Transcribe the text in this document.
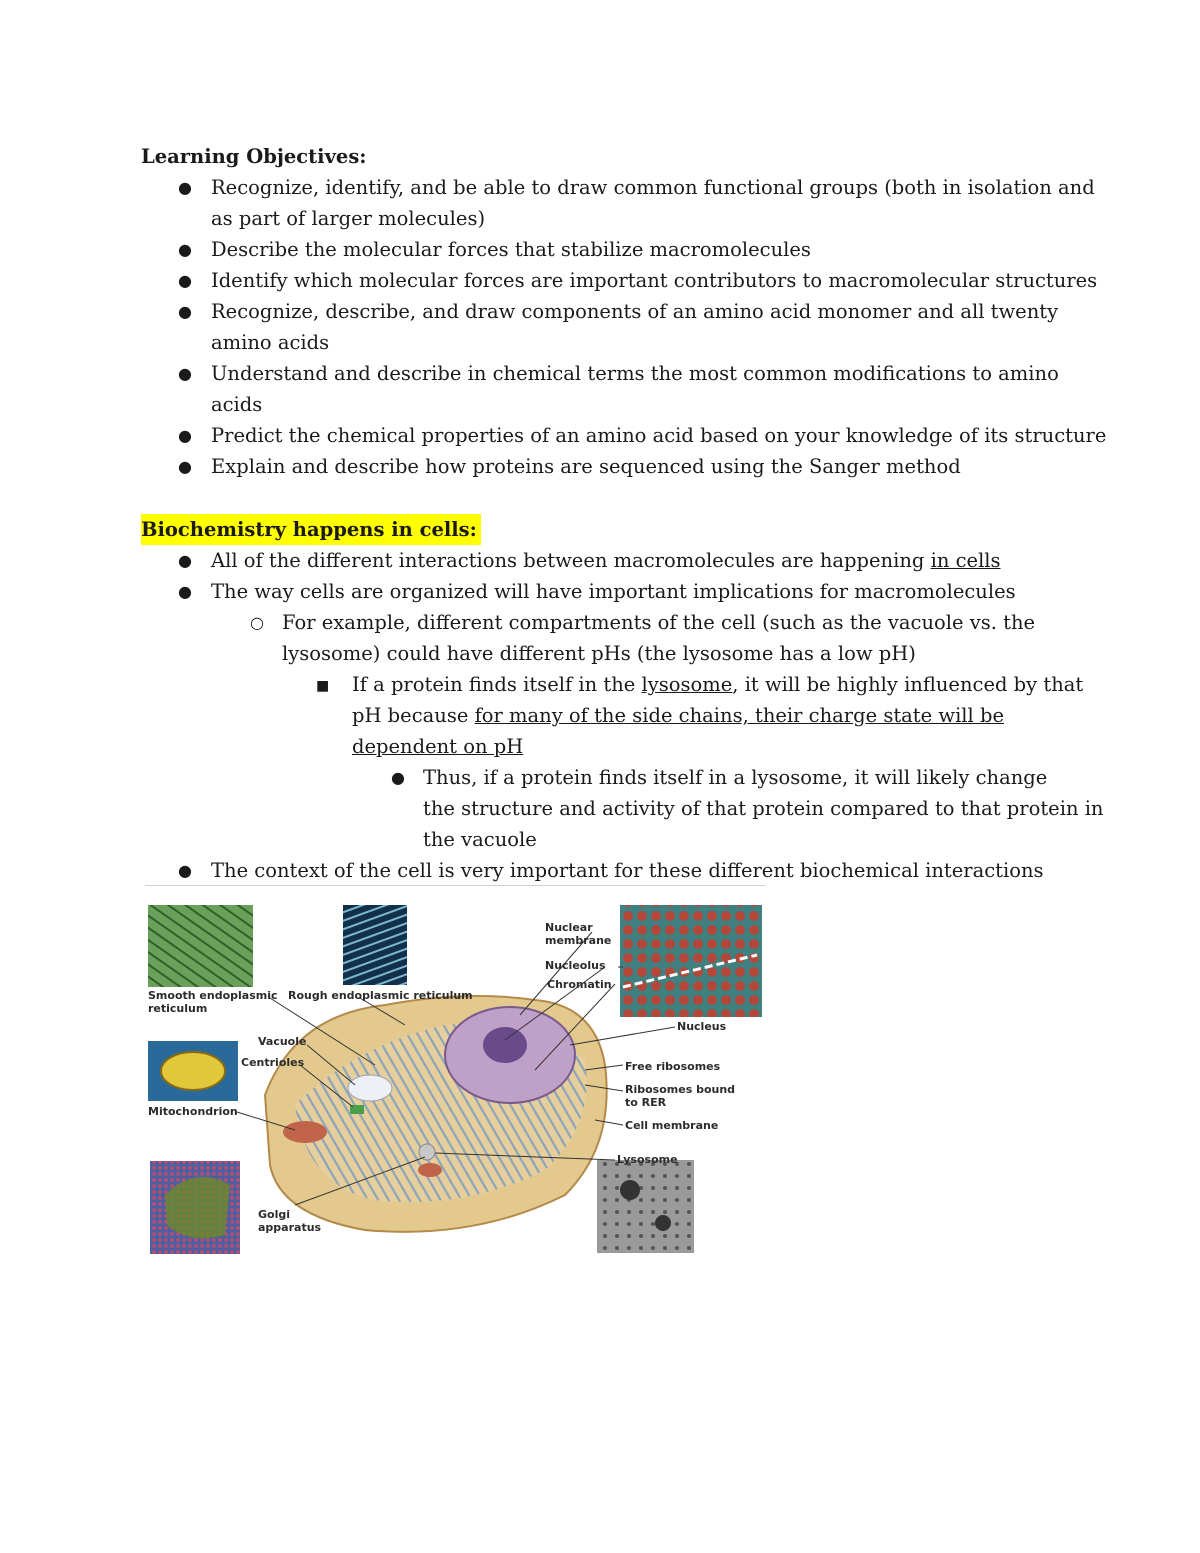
Learning Objectives:
●
Recognize, identify, and be able to draw common functional groups (both in isolation and
as part of larger molecules)
●
Describe the molecular forces that stabilize macromolecules
●
Identify which molecular forces are important contributors to macromolecular structures
●
Recognize, describe, and draw components of an amino acid monomer and all twenty
amino acids
●
Understand and describe in chemical terms the most common modifications to amino
acids
●
Predict the chemical properties of an amino acid based on your knowledge of its structure
●
Explain and describe how proteins are sequenced using the Sanger method
Biochemistry happens in cells:
●
All of the different interactions between macromolecules are happening in cells
●
The way cells are organized will have important implications for macromolecules
○
For example, different compartments of the cell (such as the vacuole vs. the
lysosome) could have different pHs (the lysosome has a low pH)
■
If a protein finds itself in the lysosome, it will be highly influenced by that
pH because for many of the side chains, their charge state will be
dependent on pH
●
Thus, if a protein finds itself in a lysosome, it will likely change
the structure and activity of that protein compared to that protein in
the vacuole
●
The context of the cell is very important for these different biochemical interactions
Smooth endoplasmic
reticulum
Rough endoplasmic reticulum
Vacuole
Centrioles
Mitochondrion
Golgi
apparatus
Nuclear
membrane
Nucleolus
Chromatin
Nucleus
Free ribosomes
Ribosomes bound
to RER
Cell membrane
Lysosome
